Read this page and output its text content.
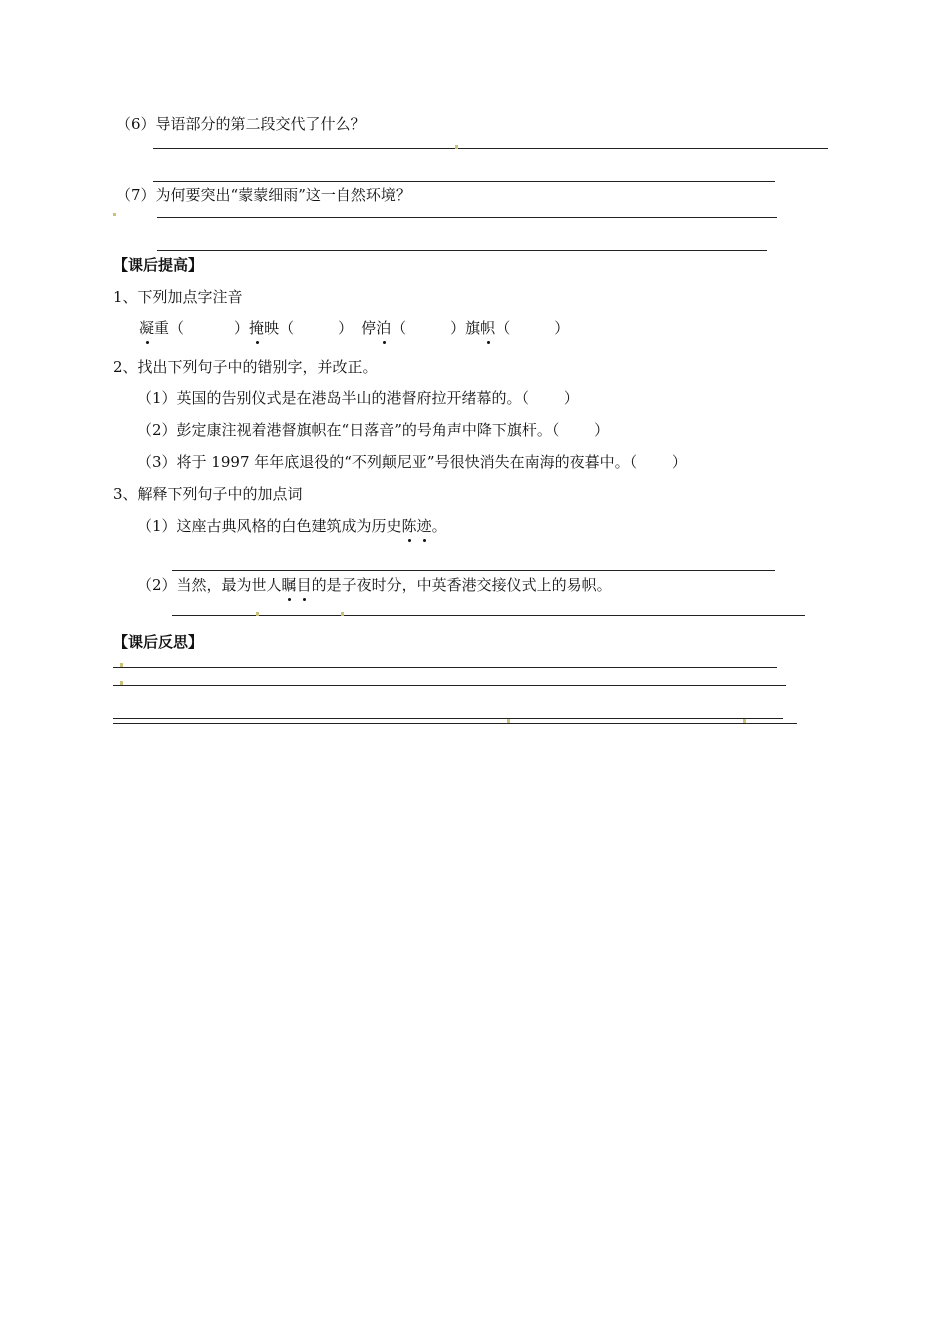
（6）导语部分的第二段交代了什么？
（7）为何要突出“蒙蒙细雨”这一自然环境？
【课后提高】
1、下列加点字注音
凝重（	）掩映（	） 停泊（	）旗帜（	）
2、找出下列句子中的错别字，并改正。
（1）英国的告别仪式是在港岛半山的港督府拉开绪幕的。（　　 ）
（2）彭定康注视着港督旗帜在“日落音”的号角声中降下旗杆。（　　 ）
（3）将于 1997 年年底退役的“不列颠尼亚”号很快消失在南海的夜暮中。（　　 ）
3、解释下列句子中的加点词
（1）这座古典风格的白色建筑成为历史陈迹。
（2）当然，最为世人瞩目的是子夜时分，中英香港交接仪式上的易帜。
【课后反思】
